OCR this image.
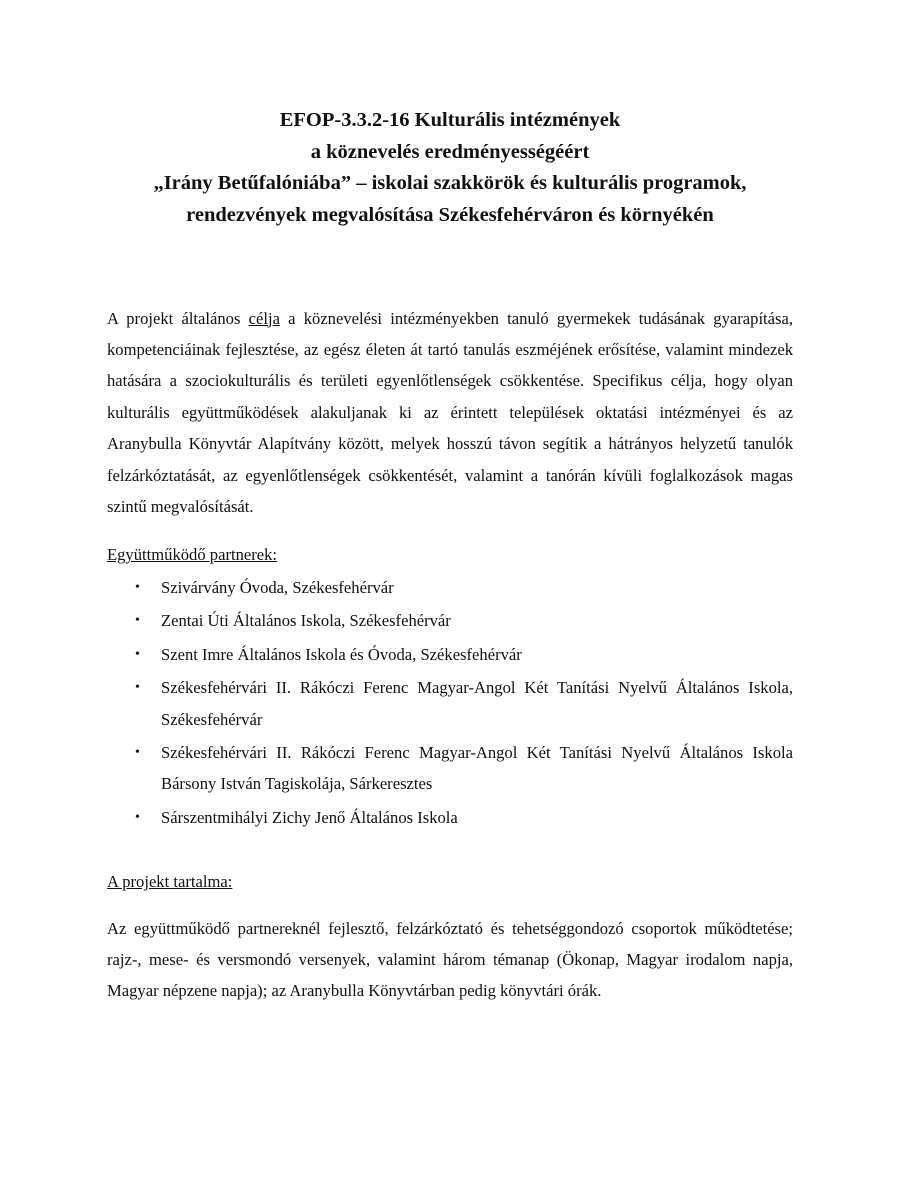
EFOP-3.3.2-16 Kulturális intézmények
a köznevelés eredményességéért
„Irány Betűfalóniába” – iskolai szakkörök és kulturális programok,
rendezvények megvalósítása Székesfehérváron és környékén

A projekt általános célja a köznevelési intézményekben tanuló gyermekek tudásának gyarapítása, kompetenciáinak fejlesztése, az egész életen át tartó tanulás eszméjének erősítése, valamint mindezek hatására a szociokulturális és területi egyenlőtlenségek csökkentése. Specifikus célja, hogy olyan kulturális együttműködések alakuljanak ki az érintett települések oktatási intézményei és az Aranybulla Könyvtár Alapítvány között, melyek hosszú távon segítik a hátrányos helyzetű tanulók felzárkóztatását, az egyenlőtlenségek csökkentését, valamint a tanórán kívüli foglalkozások magas szintű megvalósítását.

Együttműködő partnerek:
• Szivárvány Óvoda, Székesfehérvár
• Zentai Úti Általános Iskola, Székesfehérvár
• Szent Imre Általános Iskola és Óvoda, Székesfehérvár
• Székesfehérvári II. Rákóczi Ferenc Magyar-Angol Két Tanítási Nyelvű Általános Iskola, Székesfehérvár
• Székesfehérvári II. Rákóczi Ferenc Magyar-Angol Két Tanítási Nyelvű Általános Iskola Bársony István Tagiskolája, Sárkeresztes
• Sárszentmihályi Zichy Jenő Általános Iskola
A projekt tartalma:

Az együttműködő partnereknél fejlesztő, felzárkóztató és tehetséggondozó csoportok működtetése; rajz-, mese- és versmondó versenyek, valamint három témanap (Ökonap, Magyar irodalom napja, Magyar népzene napja); az Aranybulla Könyvtárban pedig könyvtári órák.
